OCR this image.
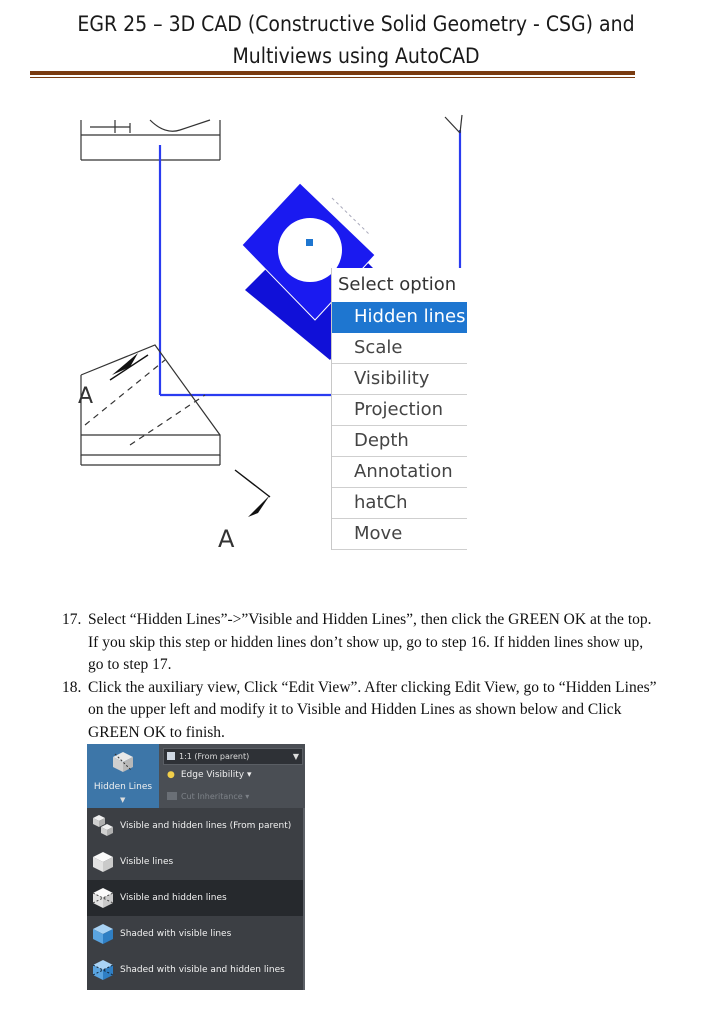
EGR 25 – 3D CAD (Constructive Solid Geometry - CSG) and
Multiviews using AutoCAD
A
A
Select option
Hidden lines
Scale
Visibility
Projection
Depth
Annotation
hatCh
Move
17. Select “Hidden Lines”->”Visible and Hidden Lines”, then click the GREEN OK at the top. If you skip this step or hidden lines don’t show up, go to step 16. If hidden lines show up, go to step 17.
18. Click the auxiliary view, Click “Edit View”. After clicking Edit View, go to “Hidden Lines” on the upper left and modify it to Visible and Hidden Lines as shown below and Click GREEN OK to finish.
Hidden Lines
▼
1:1 (From parent)	▼
● Edge Visibility ▾
Cut Inheritance ▾
Visible and hidden lines (From parent)
Visible lines
Visible and hidden lines
Shaded with visible lines
Shaded with visible and hidden lines
